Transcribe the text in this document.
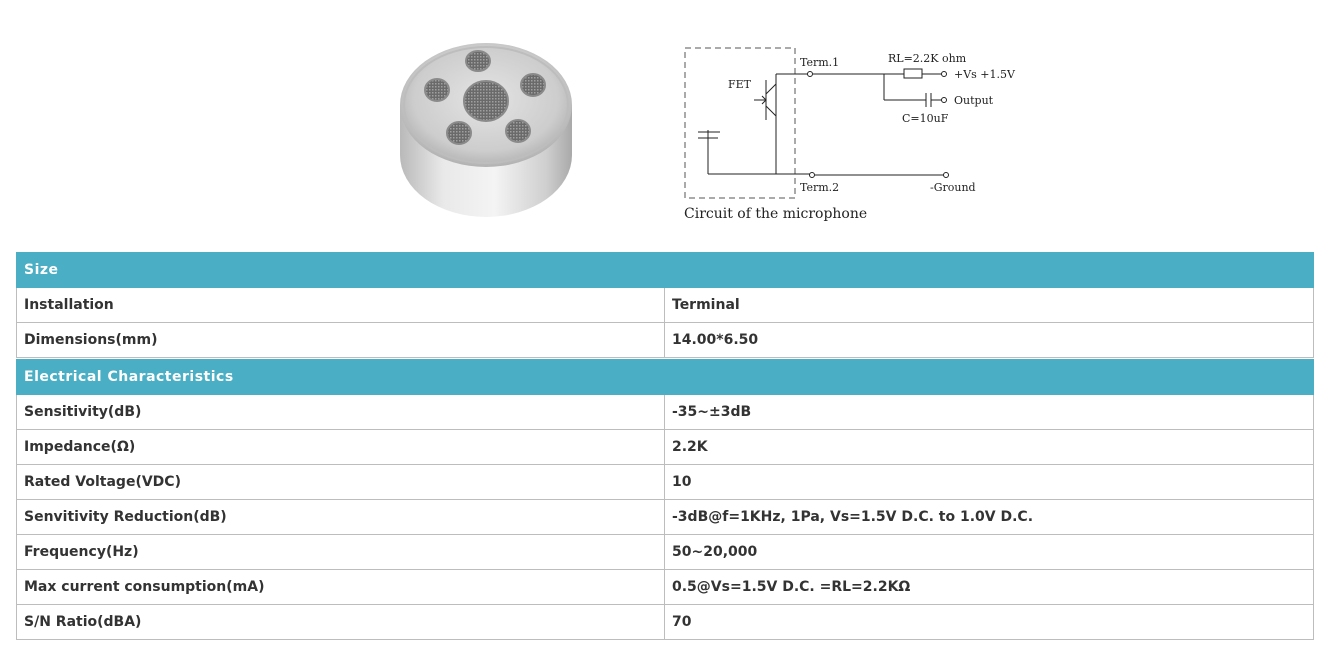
FET
Term.1
Term.2
RL=2.2K ohm
+Vs +1.5V
Output
C=10uF
-Ground
Circuit of the microphone
Size	
Installation	Terminal
Dimensions(mm)	14.00*6.50

Electrical Characteristics	
Sensitivity(dB)	-35~±3dB
Impedance(Ω)	2.2K
Rated Voltage(VDC)	10
Senvitivity Reduction(dB)	-3dB@f=1KHz, 1Pa, Vs=1.5V D.C. to 1.0V D.C.
Frequency(Hz)	50~20,000
Max current consumption(mA)	0.5@Vs=1.5V D.C. =RL=2.2KΩ
S/N Ratio(dBA)	70
